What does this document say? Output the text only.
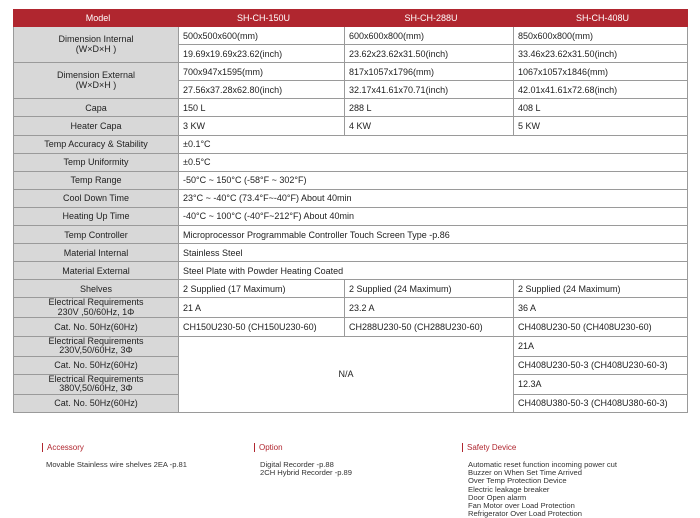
Model	SH-CH-150U	SH-CH-288U	SH-CH-408U

Dimension Internal
(W×D×H )	500x500x600(mm)	600x600x800(mm)	850x600x800(mm)
	19.69x19.69x23.62(inch)	23.62x23.62x31.50(inch)	33.46x23.62x31.50(inch)

Dimension External
(W×D×H )	700x947x1595(mm)	817x1057x1796(mm)	1067x1057x1846(mm)
	27.56x37.28x62.80(inch)	32.17x41.61x70.71(inch)	42.01x41.61x72.68(inch)
Capa	150 L	288 L	408 L
Heater Capa	3 KW	4 KW	5 KW
Temp Accuracy & Stability	±0.1°C		
Temp Uniformity	±0.5°C		
Temp Range	-50°C ~ 150°C (-58°F ~ 302°F)		
Cool Down Time	23°C ~ -40°C (73.4°F~-40°F) About 40min		
Heating Up Time	-40°C ~ 100°C (-40°F~212°F) About 40min		
Temp Controller	Microprocessor Programmable Controller Touch Screen Type -p.86		
Material Internal	Stainless Steel		
Material External	Steel Plate with Powder Heating Coated		
Shelves	2 Supplied (17 Maximum)	2 Supplied (24 Maximum)	2 Supplied (24 Maximum)

Electrical Requirements
230V ,50/60Hz, 1Φ	21 A	23.2 A	36 A
Cat. No. 50Hz(60Hz)	CH150U230-50 (CH150U230-60)	CH288U230-50 (CH288U230-60)	CH408U230-50 (CH408U230-60)

Electrical Requirements
230V,50/60Hz, 3Φ	N/A		21A
Cat. No. 50Hz(60Hz)			CH408U230-50-3 (CH408U230-60-3)

Electrical Requirements
380V,50/60Hz, 3Φ			12.3A
Cat. No. 50Hz(60Hz)			CH408U380-50-3 (CH408U380-60-3)
Accessory
Movable Stainless wire shelves 2EA -p.81
Option
Digital Recorder -p.88
2CH Hybrid Recorder -p.89
Safety Device
Automatic reset function incoming power cut
Buzzer on When Set Time Arrived
Over Temp Protection Device
Electric leakage breaker
Door Open alarm
Fan Motor over Load Protection
Refrigerator Over Load Protection
